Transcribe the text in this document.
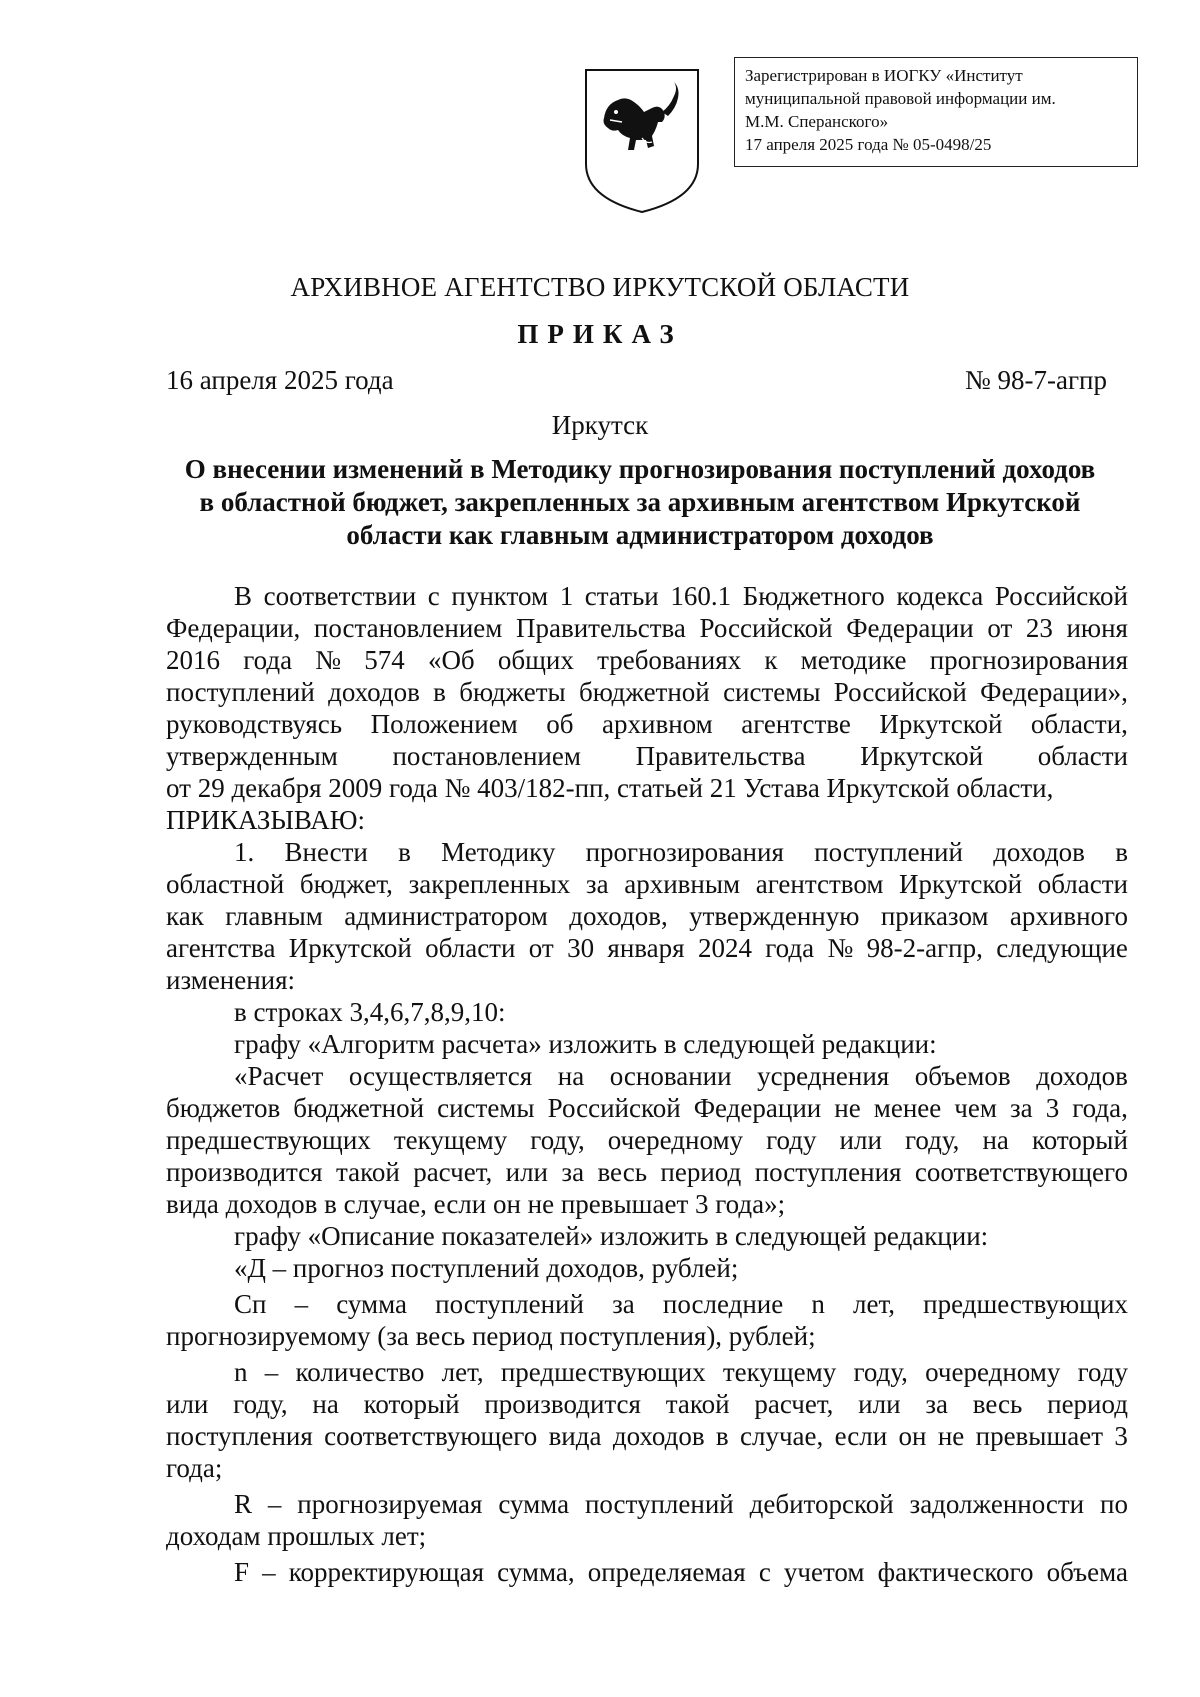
Зарегистрирован в ИОГКУ «Институт
муниципальной правовой информации им.
М.М. Сперанского»
17 апреля 2025 года № 05-0498/25
АРХИВНОЕ АГЕНТСТВО ИРКУТСКОЙ ОБЛАСТИ
ПРИКАЗ
16 апреля 2025 года	№ 98-7-агпр
Иркутск
О внесении изменений в Методику прогнозирования поступлений доходов
в областной бюджет, закрепленных за архивным агентством Иркутской
области как главным администратором доходов
В соответствии с пунктом 1 статьи 160.1 Бюджетного кодекса Российской
Федерации, постановлением Правительства Российской Федерации от 23 июня
2016 года № 574 «Об общих требованиях к методике прогнозирования
поступлений доходов в бюджеты бюджетной системы Российской Федерации»,
руководствуясь Положением об архивном агентстве Иркутской области,
утвержденным постановлением Правительства Иркутской области
от 29 декабря 2009 года № 403/182-пп, статьей 21 Устава Иркутской области,
ПРИКАЗЫВАЮ:
1. Внести в Методику прогнозирования поступлений доходов в
областной бюджет, закрепленных за архивным агентством Иркутской области
как главным администратором доходов, утвержденную приказом архивного
агентства Иркутской области от 30 января 2024 года № 98-2-агпр, следующие
изменения:
в строках 3,4,6,7,8,9,10:
графу «Алгоритм расчета» изложить в следующей редакции:
«Расчет осуществляется на основании усреднения объемов доходов
бюджетов бюджетной системы Российской Федерации не менее чем за 3 года,
предшествующих текущему году, очередному году или году, на который
производится такой расчет, или за весь период поступления соответствующего
вида доходов в случае, если он не превышает 3 года»;
графу «Описание показателей» изложить в следующей редакции:
«Д – прогноз поступлений доходов, рублей;
Сп – сумма поступлений за последние n лет, предшествующих
прогнозируемому (за весь период поступления), рублей;
n – количество лет, предшествующих текущему году, очередному году
или году, на который производится такой расчет, или за весь период
поступления соответствующего вида доходов в случае, если он не превышает 3
года;
R – прогнозируемая сумма поступлений дебиторской задолженности по
доходам прошлых лет;
F – корректирующая сумма, определяемая с учетом фактического объема
